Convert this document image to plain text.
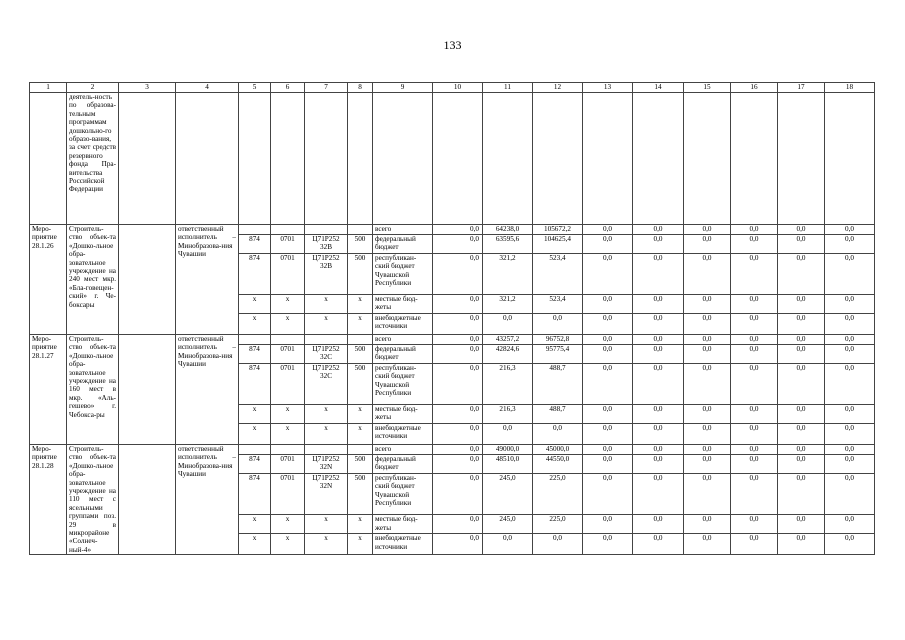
133
1	2	3	4	5	6	7	8	9	10	11	12	13	14	15	16	17	18
	деятель-ность по образова-тельным программам дошкольно-го образо-вания, за счет средств резервного фонда Пра-вительства Российской Федерации																
Меро-приятие 28.1.26	Строитель-ство объек-та «Дошко-льное обра-зовательное учреждение на 240 мест мкр. «Бла-говещен-ский» г. Че-боксары		ответственный исполнитель – Минобразова-ния Чувашии					всего	0,0	64238,0	105672,2	0,0	0,0	0,0	0,0	0,0	0,0
				874	0701	Ц71Р252 32В	500	федеральный бюджет	0,0	63595,6	104625,4	0,0	0,0	0,0	0,0	0,0	0,0
				874	0701	Ц71Р252 32В	500	республикан-ский бюджет Чувашской Республики	0,0	321,2	523,4	0,0	0,0	0,0	0,0	0,0	0,0
				x	x	x	x	местные бюд-жеты	0,0	321,2	523,4	0,0	0,0	0,0	0,0	0,0	0,0
				x	x	x	x	внебюджетные источники	0,0	0,0	0,0	0,0	0,0	0,0	0,0	0,0	0,0
Меро-приятие 28.1.27	Строитель-ство объек-та «Дошко-льное обра-зовательное учреждение на 160 мест в мкр. «Аль-гешево» г. Чебокса-ры		ответственный исполнитель – Минобразова-ния Чувашии					всего	0,0	43257,2	96752,8	0,0	0,0	0,0	0,0	0,0	0,0
				874	0701	Ц71Р252 32С	500	федеральный бюджет	0,0	42824,6	95775,4	0,0	0,0	0,0	0,0	0,0	0,0
				874	0701	Ц71Р252 32С	500	республикан-ский бюджет Чувашской Республики	0,0	216,3	488,7	0,0	0,0	0,0	0,0	0,0	0,0
				x	x	x	x	местные бюд-жеты	0,0	216,3	488,7	0,0	0,0	0,0	0,0	0,0	0,0
				x	x	x	x	внебюджетные источники	0,0	0,0	0,0	0,0	0,0	0,0	0,0	0,0	0,0
Меро-приятие 28.1.28	Строитель-ство объек-та «Дошко-льное обра-зовательное учреждение на 110 мест с ясельными группами поз. 29 в микрорайоне «Солнеч-ный-4»		ответственный исполнитель – Минобразова-ния Чувашии					всего	0,0	49000,0	45000,0	0,0	0,0	0,0	0,0	0,0	0,0
				874	0701	Ц71Р252 32N	500	федеральный бюджет	0,0	48510,0	44550,0	0,0	0,0	0,0	0,0	0,0	0,0
				874	0701	Ц71Р252 32N	500	республикан-ский бюджет Чувашской Республики	0,0	245,0	225,0	0,0	0,0	0,0	0,0	0,0	0,0
				x	x	x	x	местные бюд-жеты	0,0	245,0	225,0	0,0	0,0	0,0	0,0	0,0	0,0
				x	x	x	x	внебюджетные источники	0,0	0,0	0,0	0,0	0,0	0,0	0,0	0,0	0,0
